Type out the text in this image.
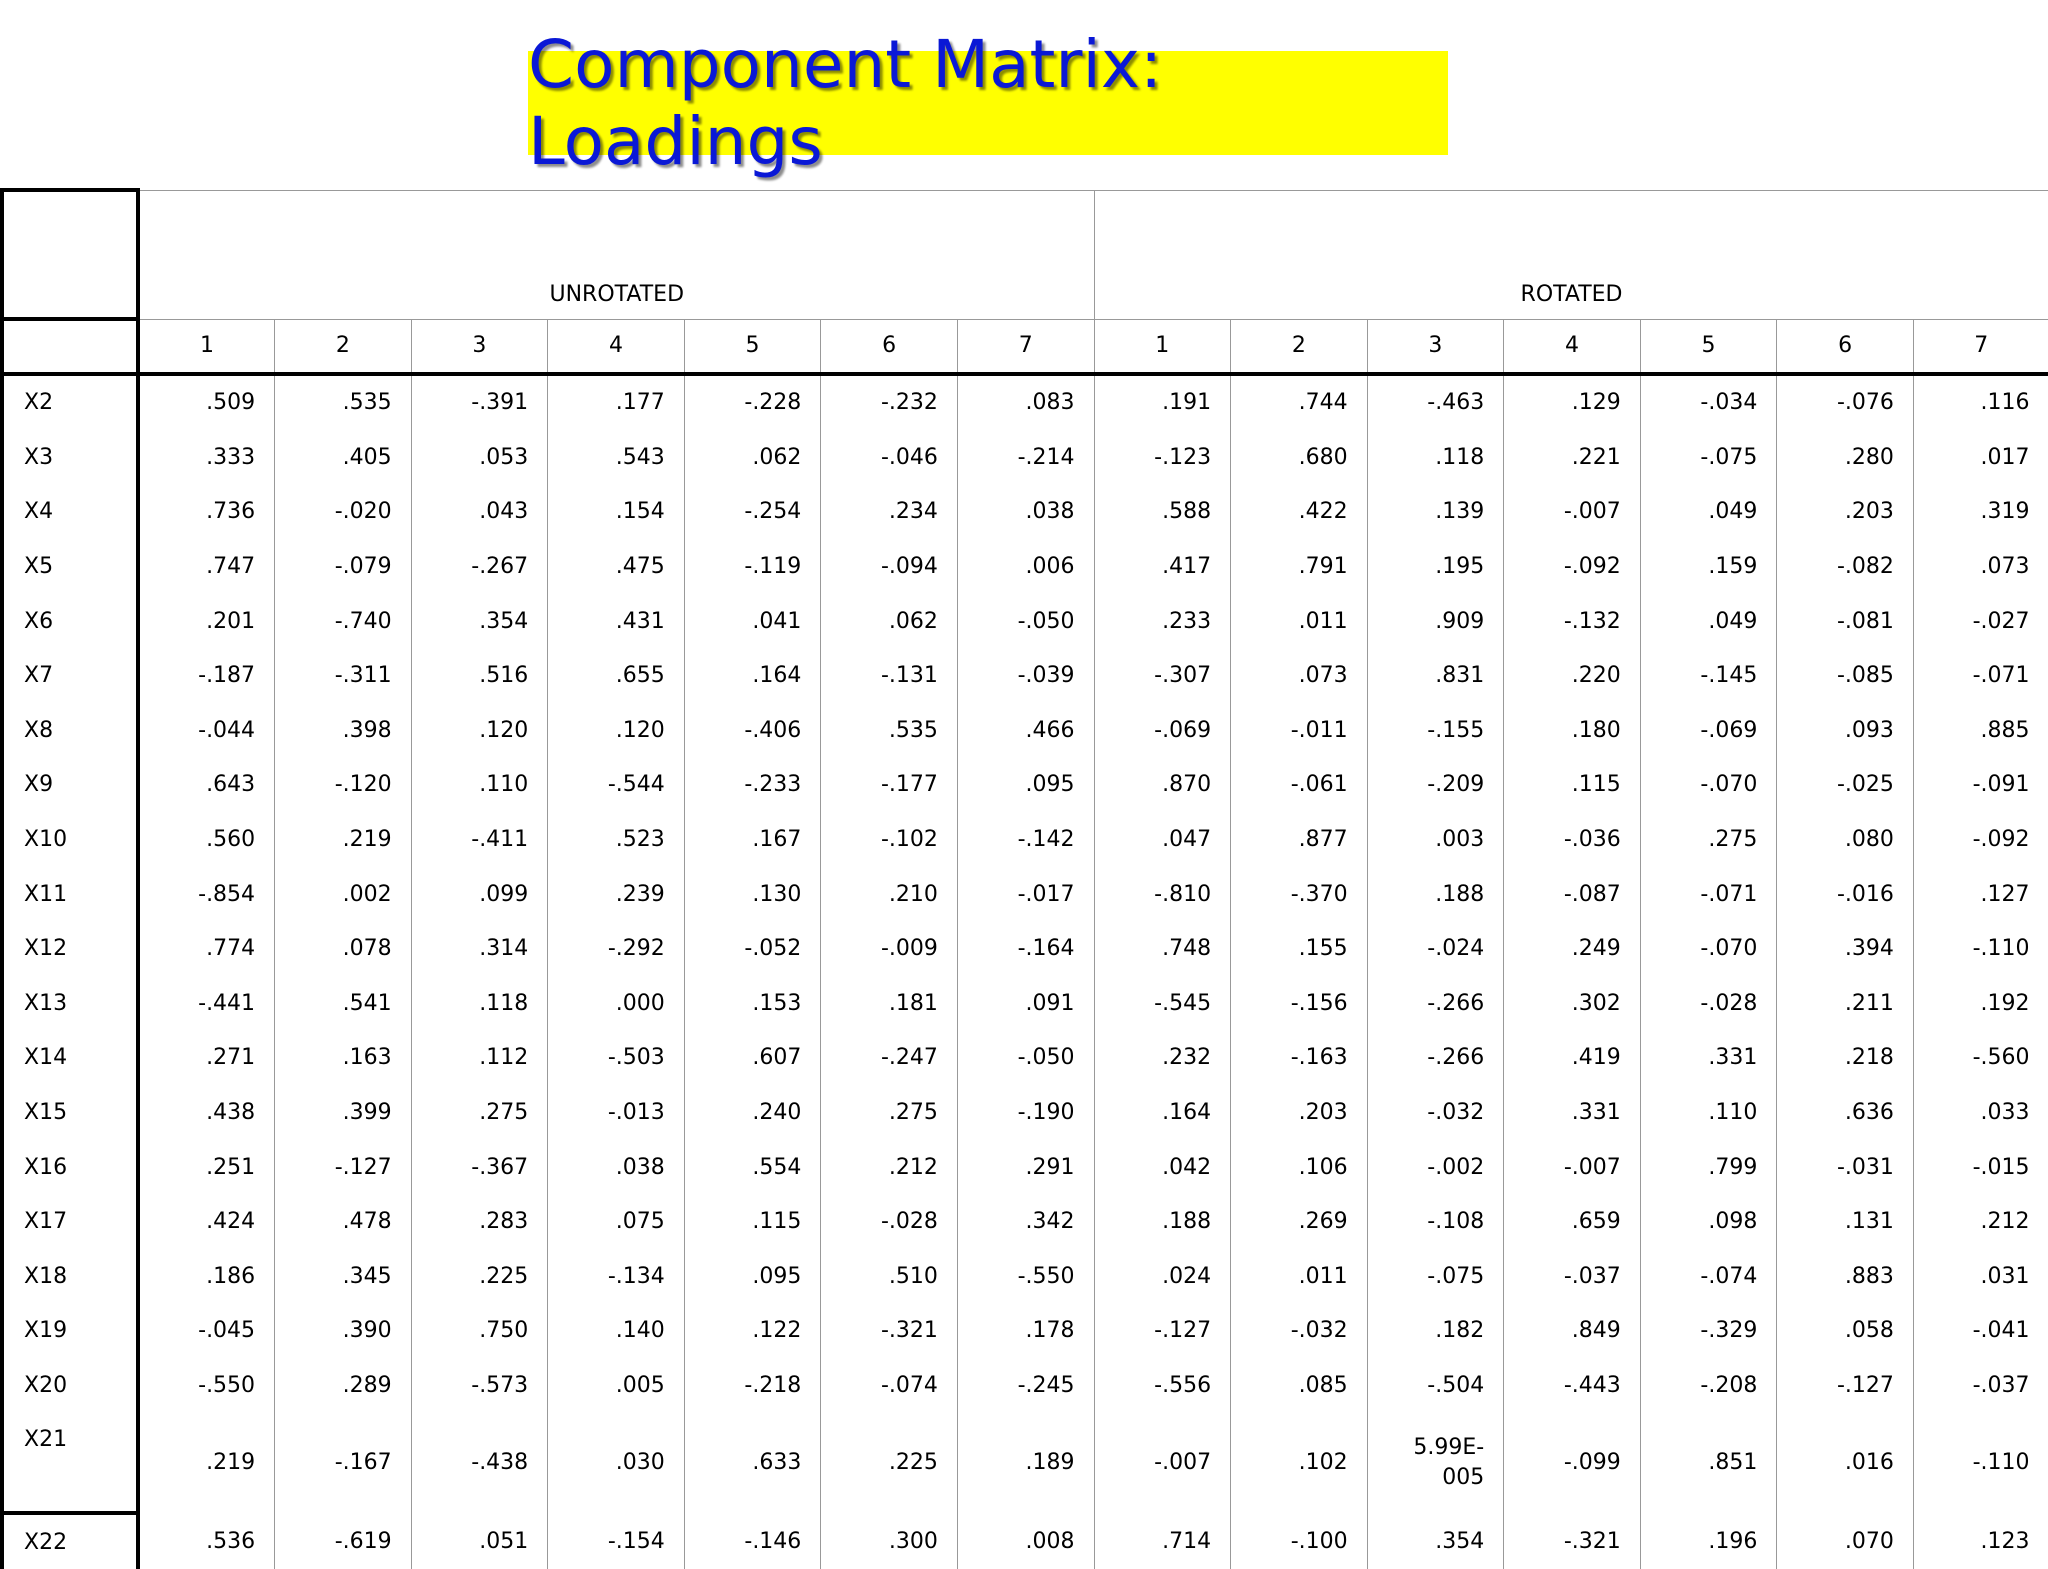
Component Matrix: Loadings
	UNROTATED							ROTATED						
	1	2	3	4	5	6	7	1	2	3	4	5	6	7
X2	.509	.535	-.391	.177	-.228	-.232	.083	.191	.744	-.463	.129	-.034	-.076	.116
X3	.333	.405	.053	.543	.062	-.046	-.214	-.123	.680	.118	.221	-.075	.280	.017
X4	.736	-.020	.043	.154	-.254	.234	.038	.588	.422	.139	-.007	.049	.203	.319
X5	.747	-.079	-.267	.475	-.119	-.094	.006	.417	.791	.195	-.092	.159	-.082	.073
X6	.201	-.740	.354	.431	.041	.062	-.050	.233	.011	.909	-.132	.049	-.081	-.027
X7	-.187	-.311	.516	.655	.164	-.131	-.039	-.307	.073	.831	.220	-.145	-.085	-.071
X8	-.044	.398	.120	.120	-.406	.535	.466	-.069	-.011	-.155	.180	-.069	.093	.885
X9	.643	-.120	.110	-.544	-.233	-.177	.095	.870	-.061	-.209	.115	-.070	-.025	-.091
X10	.560	.219	-.411	.523	.167	-.102	-.142	.047	.877	.003	-.036	.275	.080	-.092
X11	-.854	.002	.099	.239	.130	.210	-.017	-.810	-.370	.188	-.087	-.071	-.016	.127
X12	.774	.078	.314	-.292	-.052	-.009	-.164	.748	.155	-.024	.249	-.070	.394	-.110
X13	-.441	.541	.118	.000	.153	.181	.091	-.545	-.156	-.266	.302	-.028	.211	.192
X14	.271	.163	.112	-.503	.607	-.247	-.050	.232	-.163	-.266	.419	.331	.218	-.560
X15	.438	.399	.275	-.013	.240	.275	-.190	.164	.203	-.032	.331	.110	.636	.033
X16	.251	-.127	-.367	.038	.554	.212	.291	.042	.106	-.002	-.007	.799	-.031	-.015
X17	.424	.478	.283	.075	.115	-.028	.342	.188	.269	-.108	.659	.098	.131	.212
X18	.186	.345	.225	-.134	.095	.510	-.550	.024	.011	-.075	-.037	-.074	.883	.031
X19	-.045	.390	.750	.140	.122	-.321	.178	-.127	-.032	.182	.849	-.329	.058	-.041
X20	-.550	.289	-.573	.005	-.218	-.074	-.245	-.556	.085	-.504	-.443	-.208	-.127	-.037
X21	.219	-.167	-.438	.030	.633	.225	.189	-.007	.102	5.99E-005	-.099	.851	.016	-.110
X22	.536	-.619	.051	-.154	-.146	.300	.008	.714	-.100	.354	-.321	.196	.070	.123
